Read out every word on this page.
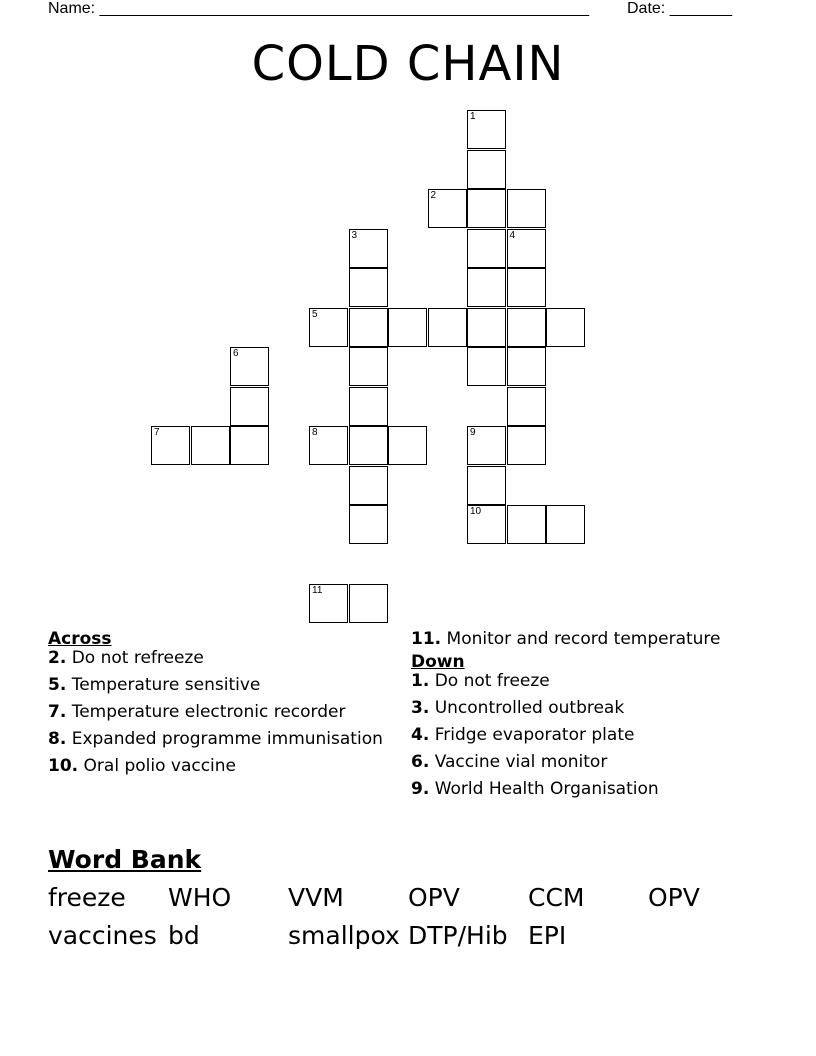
Name: _______________________________________________________ Date: _______
COLD CHAIN
1
2
3	4
5
6
7	8	9
10
11

Across

2. Do not refreeze

5. Temperature sensitive

7. Temperature electronic recorder

8. Expanded programme immunisation

10. Oral polio vaccine

11. Monitor and record temperature

Down

1. Do not freeze

3. Uncontrolled outbreak

4. Fridge evaporator plate

6. Vaccine vial monitor

9. World Health Organisation

Word Bank
freeze WHO VVM	OPV	CCM	OPV
vaccines bd	smallpox DTP/Hib EPI
